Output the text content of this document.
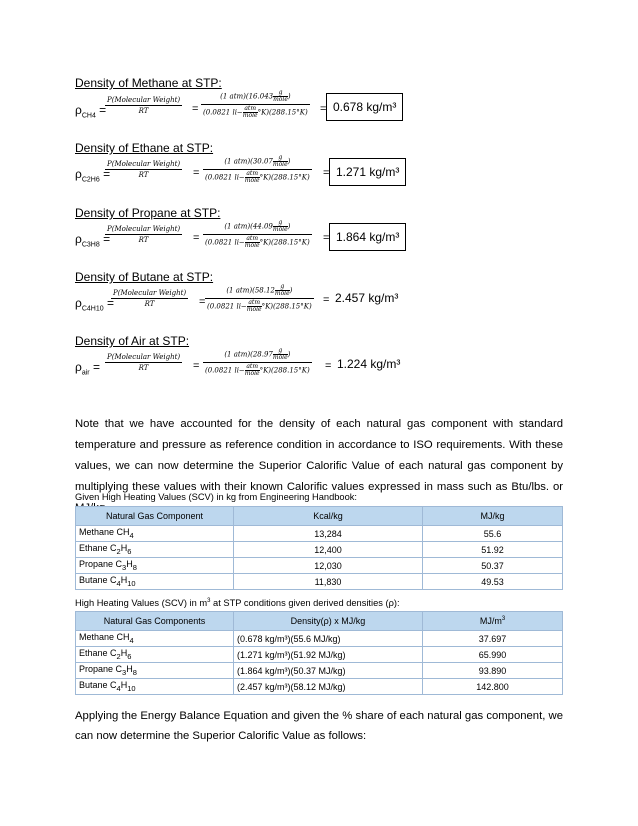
Density of Methane at STP:
$\rho_{CH4}$ =
P(Molecular Weight)
RT	=
(1 atm)(16.043 g
mole )
(0.0821 li− atm
mole °K)(288.15°K) = 0.678 kg/m³
Density of Ethane at STP:
$\rho_{C2H6}$ =
P(Molecular Weight)
RT	=
(1 atm)(30.07 g
mole )
(0.0821 li− atm
mole °K)(288.15°K) = 1.271 kg/m³
Density of Propane at STP:
$\rho_{C3H8}$ =
P(Molecular Weight)
RT	=
(1 atm)(44.09 g
mole )
(0.0821 li− atm
mole °K)(288.15°K) = 1.864 kg/m³
Density of Butane at STP:
$\rho_{C4H10}$ =
P(Molecular Weight)
RT	=
(1 atm)(58.12 g
mole )
(0.0821 li− atm
mole °K)(288.15°K)
= 2.457 kg/m³
Density of Air at STP:
$\rho_{air}$ =
P(Molecular Weight)
RT	=
(1 atm)(28.97 g
mole )
(0.0821 li− atm
mole °K)(288.15°K) = 1.224 kg/m³
Note that we have accounted for the density of each natural gas component with standard temperature and pressure as reference condition in accordance to ISO requirements. With these values, we can now determine the Superior Calorific Value of each natural gas component by multiplying these values with their known Calorific values expressed in mass such as Btu/lbs. or
Given High Heating Values (SCV) in kg from Engineering Handbook:
Natural Gas Component	Kcal/kg	MJ/kg
Methane $CH_4$	13,284	55.6
Ethane $C_2H_6$	12,400	51.92
Propane $C_3H_8$	12,030	50.37
Butane $C_4H_{10}$	11,830	49.53
High Heating Values (SCV) in $m^3$ at STP conditions given derived densities (ρ):
Natural Gas Components	Density(ρ) x MJ/kg	$MJ/m^3$
Methane $CH_4$	(0.678 kg/m³)(55.6 MJ/kg)	37.697
Ethane $C_2H_6$	(1.271 kg/m³)(51.92 MJ/kg)	65.990
Propane $C_3H_8$	(1.864 kg/m³)(50.37 MJ/kg)	93.890
Butane $C_4H_{10}$	(2.457 kg/m³)(58.12 MJ/kg)	142.800
Applying the Energy Balance Equation and given the % share of each natural gas component, we can now determine the Superior Calorific Value as follows:
